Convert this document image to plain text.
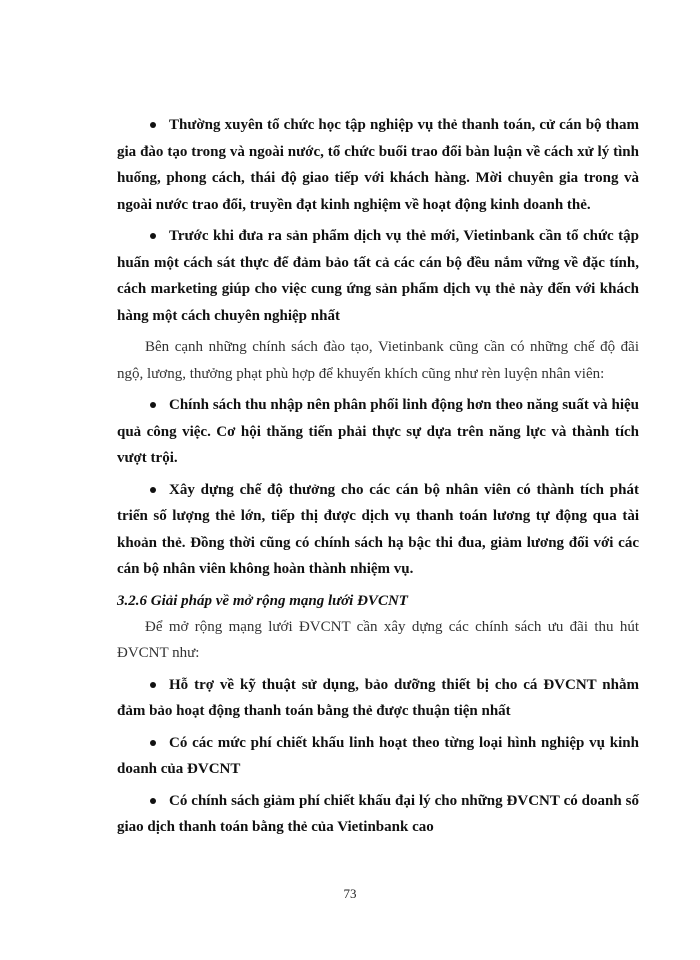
Thường xuyên tổ chức học tập nghiệp vụ thẻ thanh toán, cử cán bộ tham gia đào tạo trong và ngoài nước, tổ chức buổi trao đổi bàn luận về cách xử lý tình huống, phong cách, thái độ giao tiếp với khách hàng. Mời chuyên gia trong và ngoài nước trao đổi, truyền đạt kinh nghiệm về hoạt động kinh doanh thẻ.

Trước khi đưa ra sản phẩm dịch vụ thẻ mới, Vietinbank cần tổ chức tập huấn một cách sát thực để đảm bảo tất cả các cán bộ đều nắm vững về đặc tính, cách marketing giúp cho việc cung ứng sản phẩm dịch vụ thẻ này đến với khách hàng một cách chuyên nghiệp nhất

Bên cạnh những chính sách đào tạo, Vietinbank cũng cần có những chế độ đãi ngộ, lương, thưởng phạt phù hợp để khuyến khích cũng như rèn luyện nhân viên:

Chính sách thu nhập nên phân phối linh động hơn theo năng suất và hiệu quả công việc. Cơ hội thăng tiến phải thực sự dựa trên năng lực và thành tích vượt trội.

Xây dựng chế độ thưởng cho các cán bộ nhân viên có thành tích phát triển số lượng thẻ lớn, tiếp thị được dịch vụ thanh toán lương tự động qua tài khoản thẻ. Đồng thời cũng có chính sách hạ bậc thi đua, giảm lương đối với các cán bộ nhân viên không hoàn thành nhiệm vụ.

3.2.6 Giải pháp về mở rộng mạng lưới ĐVCNT

Để mở rộng mạng lưới ĐVCNT cần xây dựng các chính sách ưu đãi thu hút ĐVCNT như:

Hỗ trợ về kỹ thuật sử dụng, bảo dưỡng thiết bị cho cá ĐVCNT nhằm đảm bảo hoạt động thanh toán bằng thẻ được thuận tiện nhất

Có các mức phí chiết khấu linh hoạt theo từng loại hình nghiệp vụ kinh doanh của ĐVCNT

Có chính sách giảm phí chiết khấu đại lý cho những ĐVCNT có doanh số giao dịch thanh toán bằng thẻ của Vietinbank cao

73
